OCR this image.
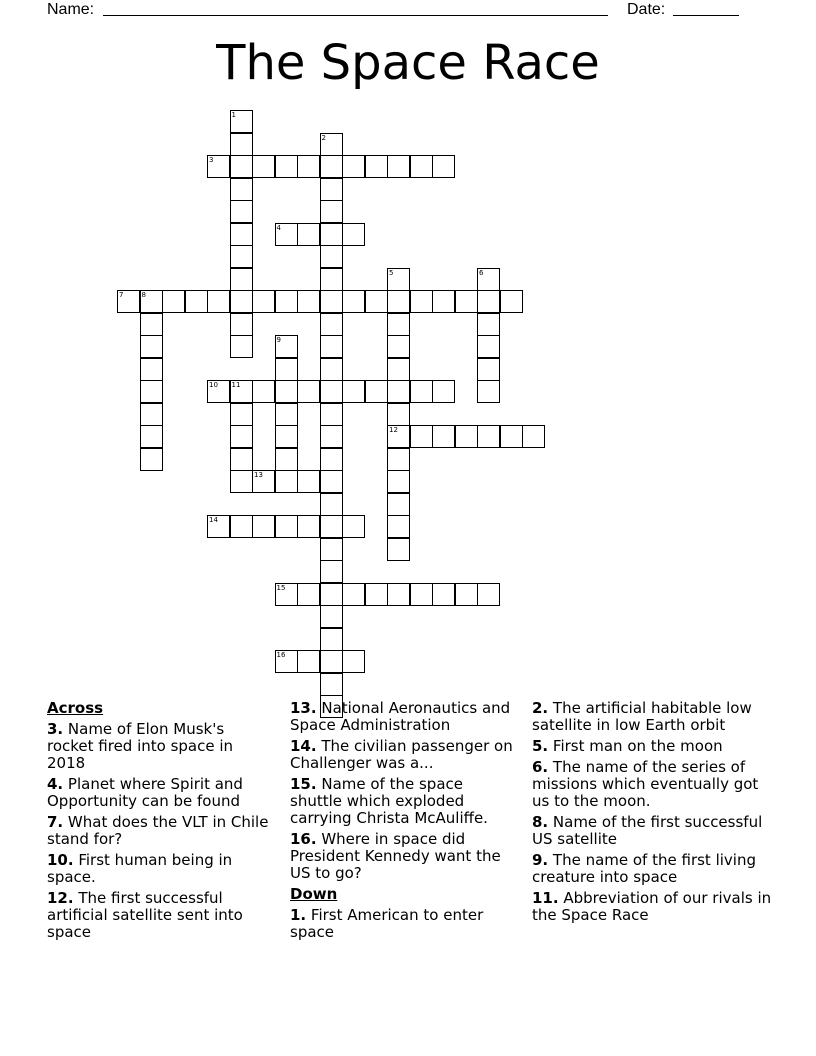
Name:	Date:
The Space Race
1
2
3
4
5
12
6
7	8
9
10 11
13
14
15
16
Across
3. Name of Elon Musk's rocket fired into space in 2018
4. Planet where Spirit and Opportunity can be found
7. What does the VLT in Chile stand for?
10. First human being in space.
12. The first successful artificial satellite sent into space
13. National Aeronautics and Space Administration
14. The civilian passenger on Challenger was a...
15. Name of the space shuttle which exploded carrying Christa McAuliffe.
16. Where in space did President Kennedy want the US to go?
Down
1. First American to enter space
2. The artificial habitable low satellite in low Earth orbit
5. First man on the moon
6. The name of the series of missions which eventually got us to the moon.
8. Name of the first successful US satellite
9. The name of the first living creature into space
11. Abbreviation of our rivals in the Space Race
